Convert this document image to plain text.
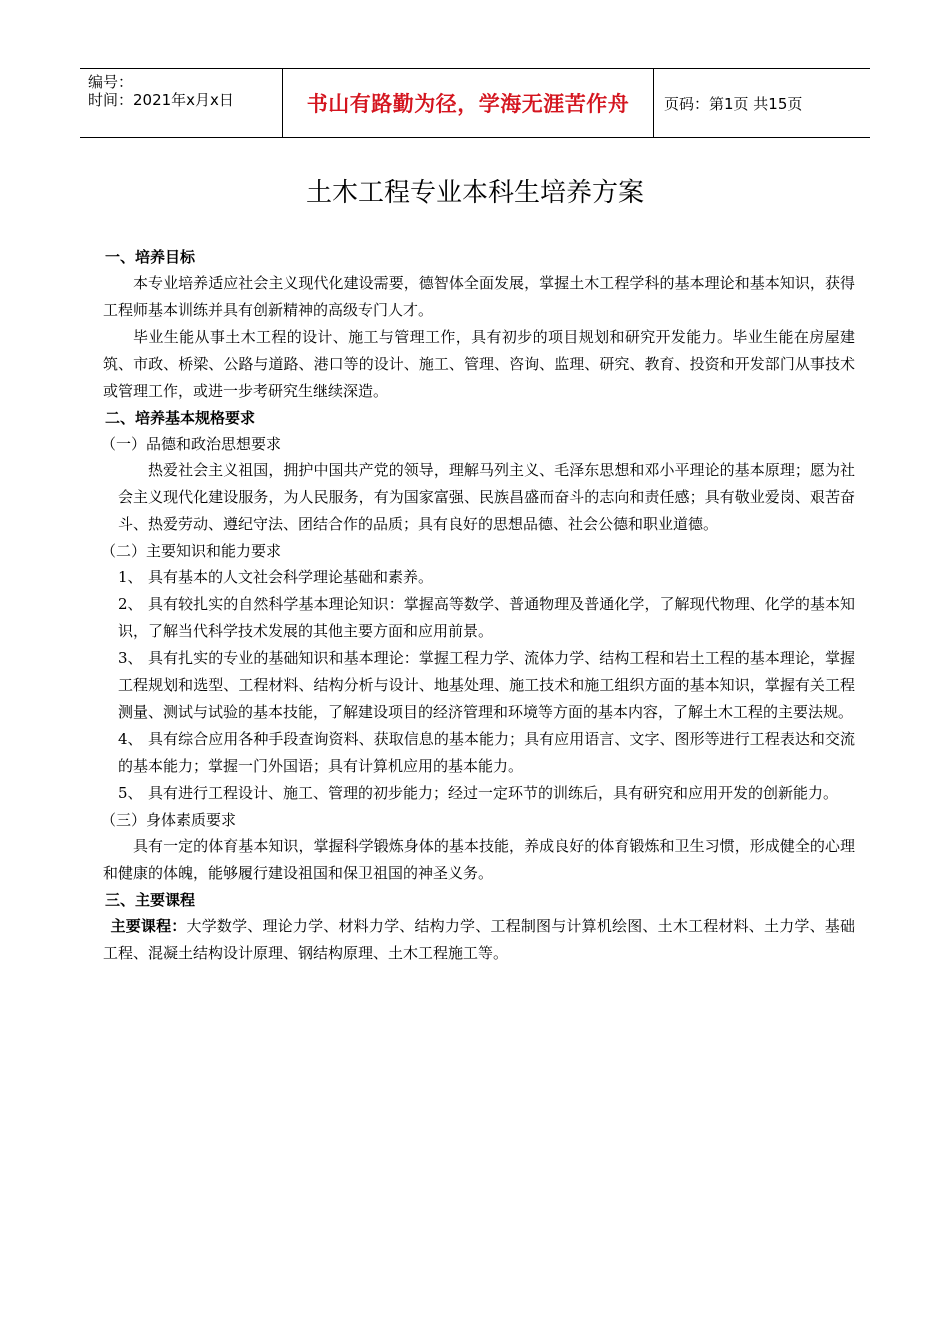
编号：
时间：2021年x月x日	书山有路勤为径，学海无涯苦作舟 页码：第1页 共15页
土木工程专业本科生培养方案
一、培养目标
本专业培养适应社会主义现代化建设需要，德智体全面发展，掌握土木工程学科的基本理论和基本知识，获得工程师基本训练并具有创新精神的高级专门人才。
毕业生能从事土木工程的设计、施工与管理工作，具有初步的项目规划和研究开发能力。毕业生能在房屋建筑、市政、桥梁、公路与道路、港口等的设计、施工、管理、咨询、监理、研究、教育、投资和开发部门从事技术或管理工作，或进一步考研究生继续深造。
二、培养基本规格要求
（一）品德和政治思想要求
热爱社会主义祖国，拥护中国共产党的领导，理解马列主义、毛泽东思想和邓小平理论的基本原理；愿为社会主义现代化建设服务，为人民服务，有为国家富强、民族昌盛而奋斗的志向和责任感；具有敬业爱岗、艰苦奋斗、热爱劳动、遵纪守法、团结合作的品质；具有良好的思想品德、社会公德和职业道德。
（二）主要知识和能力要求
1、 具有基本的人文社会科学理论基础和素养。
2、 具有较扎实的自然科学基本理论知识：掌握高等数学、普通物理及普通化学，了解现代物理、化学的基本知识，了解当代科学技术发展的其他主要方面和应用前景。
3、 具有扎实的专业的基础知识和基本理论：掌握工程力学、流体力学、结构工程和岩土工程的基本理论，掌握工程规划和选型、工程材料、结构分析与设计、地基处理、施工技术和施工组织方面的基本知识，掌握有关工程测量、测试与试验的基本技能，了解建设项目的经济管理和环境等方面的基本内容，了解土木工程的主要法规。
4、 具有综合应用各种手段查询资料、获取信息的基本能力；具有应用语言、文字、图形等进行工程表达和交流的基本能力；掌握一门外国语；具有计算机应用的基本能力。
5、 具有进行工程设计、施工、管理的初步能力；经过一定环节的训练后，具有研究和应用开发的创新能力。
（三）身体素质要求
具有一定的体育基本知识，掌握科学锻炼身体的基本技能，养成良好的体育锻炼和卫生习惯，形成健全的心理和健康的体魄，能够履行建设祖国和保卫祖国的神圣义务。
三、主要课程
主要课程：大学数学、理论力学、材料力学、结构力学、工程制图与计算机绘图、土木工程材料、土力学、基础工程、混凝土结构设计原理、钢结构原理、土木工程施工等。
